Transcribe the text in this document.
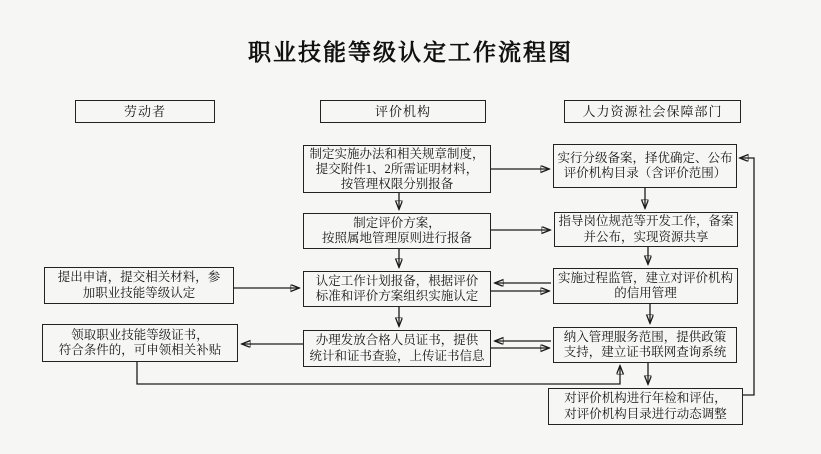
职业技能等级认定工作流程图
劳动者	评价机构	人力资源社会保障部门
提出申请，提交相关材料，参
加职业技能等级认定
领取职业技能等级证书，
符合条件的，可申领相关补贴
制定实施办法和相关规章制度，
提交附件1、2所需证明材料，
按管理权限分别报备
制定评价方案，
按照属地管理原则进行报备
认定工作计划报备，根据评价
标准和评价方案组织实施认定
办理发放合格人员证书，提供
统计和证书查验，上传证书信息
实行分级备案，择优确定、公布
评价机构目录（含评价范围）
指导岗位规范等开发工作，备案
并公布，实现资源共享
实施过程监管，建立对评价机构
的信用管理
纳入管理服务范围，提供政策
支持，建立证书联网查询系统
对评价机构进行年检和评估，
对评价机构目录进行动态调整
